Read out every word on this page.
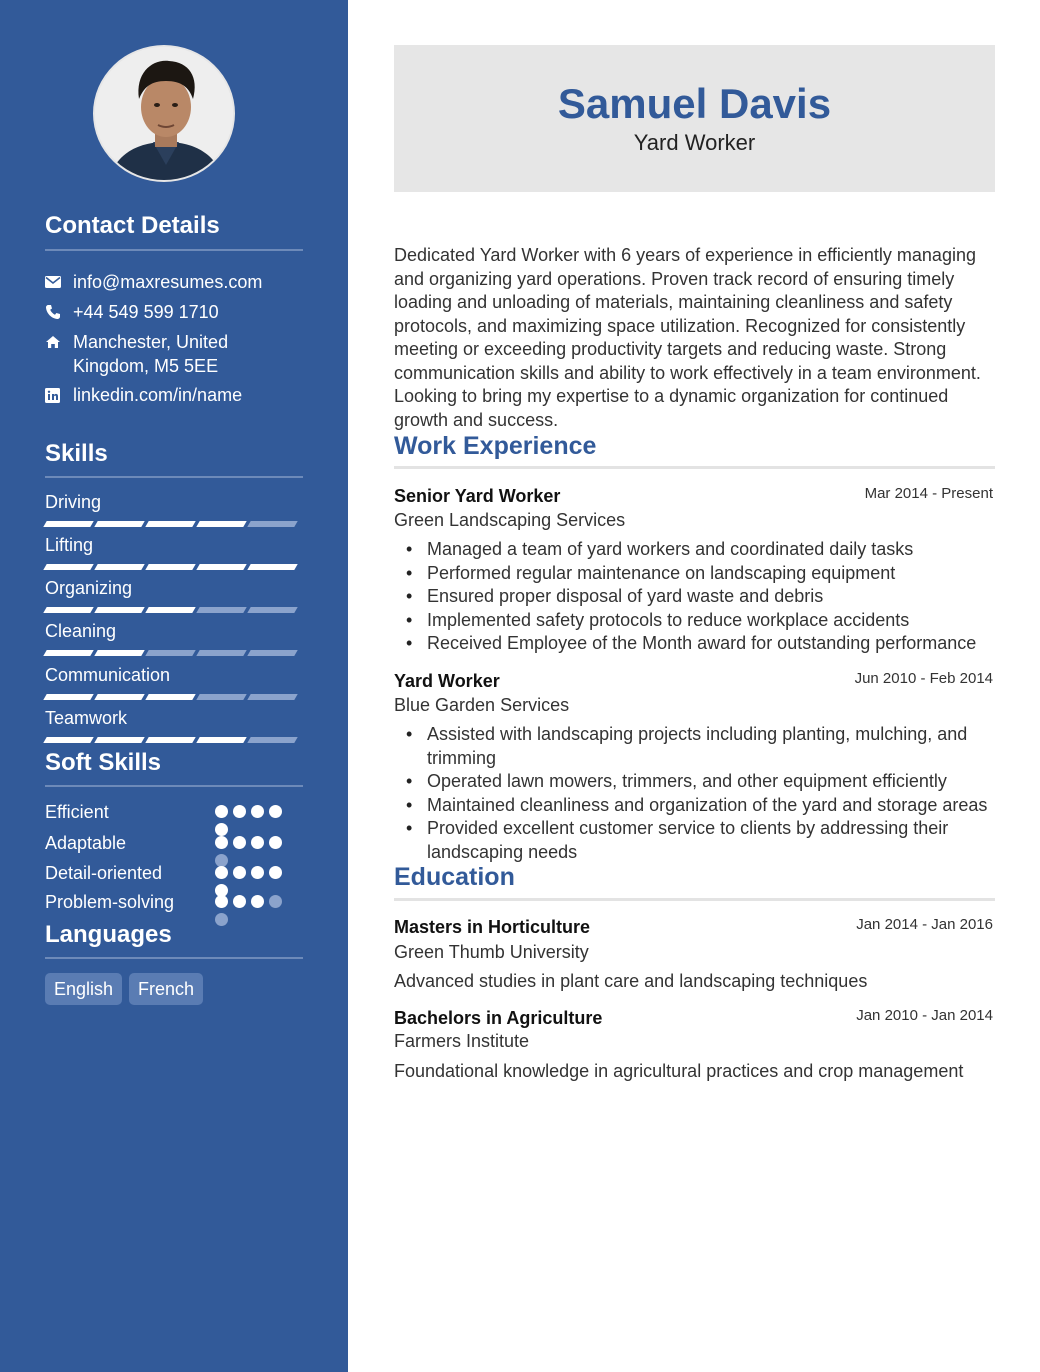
Contact Details
info@maxresumes.com
+44 549 599 1710
Manchester, United Kingdom, M5 5EE
linkedin.com/in/name
Skills
Driving
Lifting
Organizing
Cleaning
Communication
Teamwork
Soft Skills
Efficient
Adaptable
Detail-oriented
Problem-solving
Languages
English	French
Samuel Davis
Yard Worker

Dedicated Yard Worker with 6 years of experience in efficiently managing and organizing yard operations. Proven track record of ensuring timely loading and unloading of materials, maintaining cleanliness and safety protocols, and maximizing space utilization. Recognized for consistently meeting or exceeding productivity targets and reducing waste. Strong communication skills and ability to work effectively in a team environment. Looking to bring my expertise to a dynamic organization for continued growth and success.

Work Experience
Senior Yard Worker	Mar 2014 - Present
Green Landscaping Services
• Managed a team of yard workers and coordinated daily tasks
• Performed regular maintenance on landscaping equipment
• Ensured proper disposal of yard waste and debris
• Implemented safety protocols to reduce workplace accidents
• Received Employee of the Month award for outstanding performance
Yard Worker	Jun 2010 - Feb 2014
Blue Garden Services
• Assisted with landscaping projects including planting, mulching, and trimming
• Operated lawn mowers, trimmers, and other equipment efficiently
• Maintained cleanliness and organization of the yard and storage areas
• Provided excellent customer service to clients by addressing their landscaping needs
Education
Masters in Horticulture	Jan 2014 - Jan 2016
Green Thumb University
Advanced studies in plant care and landscaping techniques
Bachelors in Agriculture	Jan 2010 - Jan 2014
Farmers Institute
Foundational knowledge in agricultural practices and crop management
